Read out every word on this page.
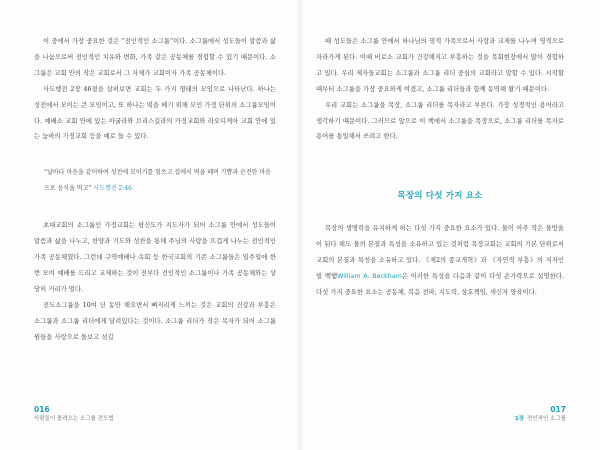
이 중에서 가장 중요한 것은 “전인적인 소그룹”이다. 소그룹에서 성도들이 말씀과 삶을 나눔으로써 전인적인 치유와 변화, 가족 같은 공동체를 경험할 수 있기 때문이다. 소그룹은 교회 안의 작은 교회로서 그 자체가 교회이자 가족 공동체이다.

사도행전 2장 46절을 살펴보면 교회는 두 가지 형태의 모임으로 나타난다. 하나는 성전에서 모이는 큰 모임이고, 또 하나는 떡을 떼기 위해 모인 가정 단위의 소그룹모임이다. 예배소 교회 안에 있는 아굴라와 브리스길라의 가정교회와 라오디게아 교회 안에 있는 눔바의 가정교회 등을 예로 들 수 있다.

“날마다 마음을 같이하여 성전에 모이기를 힘쓰고 집에서 떡을 떼며 기쁨과 순전한 마음으로 음식을 먹고” 사도행전 2:46

초대교회의 소그룹인 가정교회는 평신도가 지도자가 되어 소그룹 안에서 성도들이 말씀과 삶을 나누고, 찬양과 기도와 성찬을 통해 주님의 사랑을 뜨겁게 나누는 전인적인 가족 공동체였다. 그런데 구역예배나 속회 등 한국교회의 기존 소그룹들은 일주일에 한 번 모여 예배를 드리고 교제하는 것이 전부다 전인적인 소그룹이나 가족 공동체와는 상당히 거리가 멀다.

전도소그룹을 10여 년 동안 해오면서 뼈저리게 느끼는 것은 교회의 건강과 부흥은 소그룹과 소그룹 리더에게 달려있다는 것이다. 소그룹 리더가 작은 목자가 되어 소그룹원들을 사랑으로 돌보고 섬길

016
사람들이 몰려오는 소그룹 전도법

때 성도들은 소그룹 안에서 하나님의 영적 가족으로서 사랑과 교제를 나누며 영적으로 자라가게 된다. 이때 비로소 교회가 건강해지고 부흥하는 것을 목회현장에서 많이 경험하고 있다. 우리 제자들교회는 소그룹과 소그룹 리더 중심의 교회라고 말할 수 있다. 시작할 때부터 소그룹을 가장 중요하게 여겼고, 소그룹 리더들과 함께 동역해 왔기 때문이다.

우리 교회는 소그룹을 목장, 소그룹 리더를 목자라고 부른다. 가장 성경적인 용어라고 생각하기 때문이다. 그러므로 앞으로 이 책에서 소그룹을 목장으로, 소그룹 리더를 목자로 용어를 통일해서 쓰려고 한다.

목장의 다섯 가지 요소

목장의 생명력을 유지하게 하는 다섯 가지 중요한 요소가 있다. 물이 아주 작은 물방울이 된다 해도 물의 본질과 특성을 소유하고 있는 것처럼 목장교회는 교회의 기본 단위로서 교회의 본질과 특성을 소유하고 있다. 《제2의 종교개혁》과 《자연적 부흥》의 저자인 빌 벡햄William A. Beckham은 이러한 특성을 다음과 같이 다섯 손가락으로 설명한다. 다섯 가지 중요한 요소는 공동체, 복음 전파, 지도력, 상호책임, 새신자 양육이다.

017
1장 전인적인 소그룹
